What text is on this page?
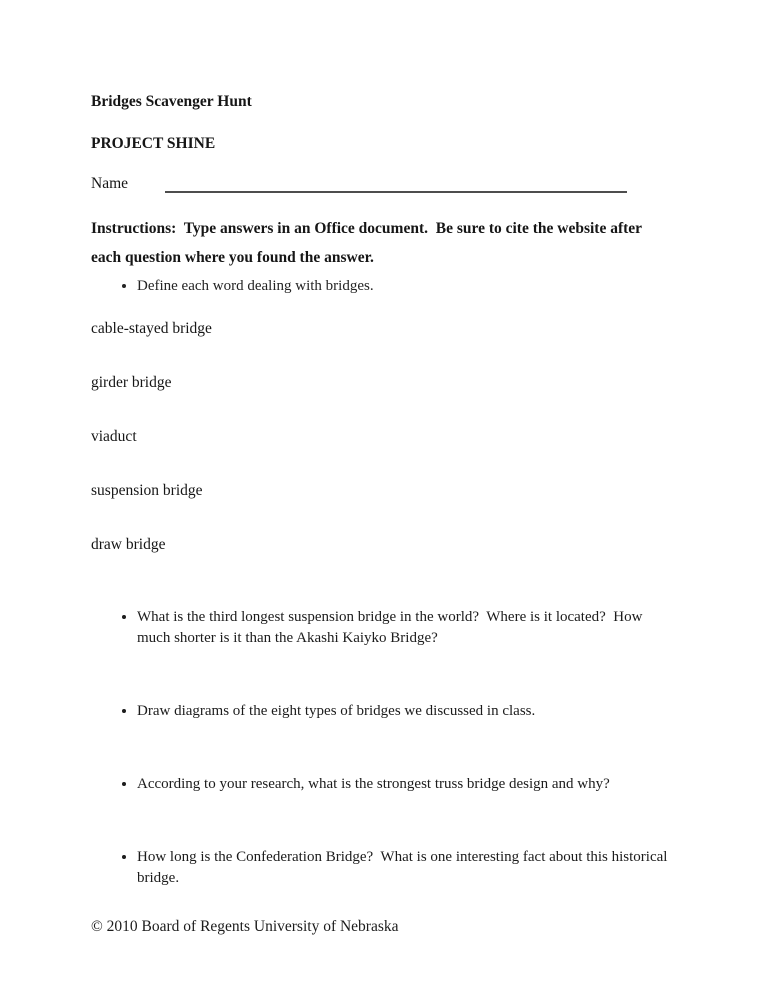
Bridges Scavenger Hunt
PROJECT SHINE
Name

Instructions:  Type answers in an Office document.  Be sure to cite the website after each question where you found the answer.

• Define each word dealing with bridges.

cable-stayed bridge

girder bridge

viaduct

suspension bridge

draw bridge

• What is the third longest suspension bridge in the world?  Where is it located?  How much shorter is it than the Akashi Kaiyko Bridge?
• Draw diagrams of the eight types of bridges we discussed in class.
• According to your research, what is the strongest truss bridge design and why?
• How long is the Confederation Bridge?  What is one interesting fact about this historical bridge.

© 2010 Board of Regents University of Nebraska
